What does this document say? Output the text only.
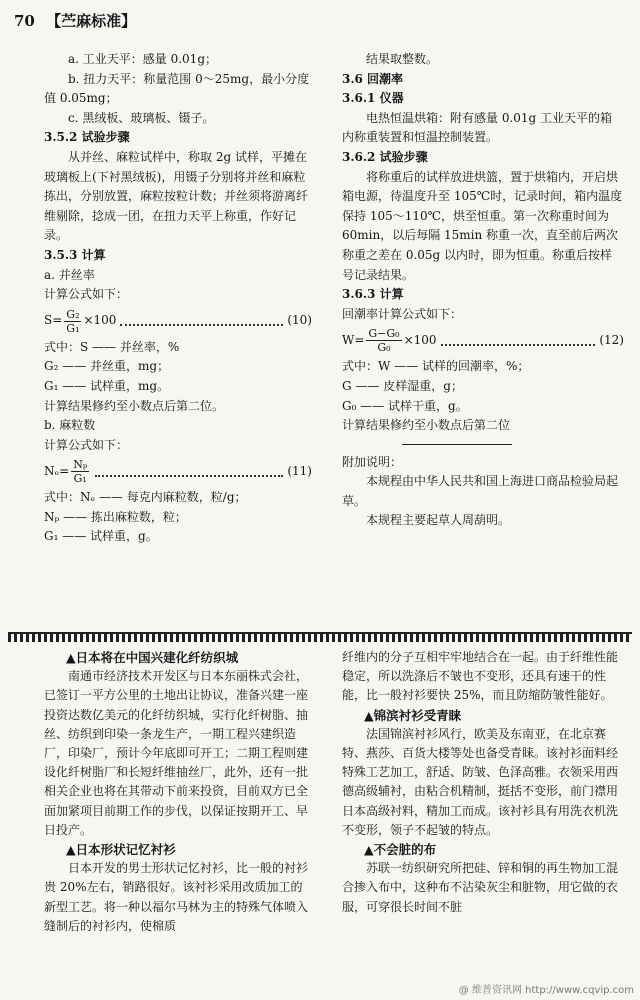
70 【苎麻标准】

a. 工业天平：感量 0.01g；

b. 扭力天平：称量范围 0～25mg，最小分度值 0.05mg；

c. 黑绒板、玻璃板、镊子。

3.5.2 试验步骤

从并丝、麻粒试样中，称取 2g 试样，平摊在玻璃板上(下衬黑绒板)，用镊子分别将并丝和麻粒拣出，分别放置，麻粒按粒计数；并丝须将游离纤维剔除，捻成一团，在扭力天平上称重，作好记录。

3.5.3 计算

a. 并丝率

计算公式如下：

$S= \frac{\text{G₂}}{\text{G₁}} \times 100$	(10)

式中：S —— 并丝率，%

G₂ —— 并丝重，mg；

G₁ —— 试样重，mg。

计算结果修约至小数点后第二位。

b. 麻粒数

计算公式如下：

$N_e= \frac{\text{Nₚ}}{\text{G₁}}$	(11)

式中：Nₑ —— 每克内麻粒数，粒/g；

Nₚ —— 拣出麻粒数，粒；

G₁ —— 试样重，g。

结果取整数。

3.6 回潮率

3.6.1 仪器

电热恒温烘箱：附有感量 0.01g 工业天平的箱内称重装置和恒温控制装置。

3.6.2 试验步骤

将称重后的试样放进烘篮，置于烘箱内，开启烘箱电源，待温度升至 105℃时，记录时间，箱内温度保持 105～110℃，烘至恒重。第一次称重时间为 60min，以后每隔 15min 称重一次，直至前后两次称重之差在 0.05g 以内时，即为恒重。称重后按样号记录结果。

3.6.3 计算

回潮率计算公式如下：

$W= \frac{\text{G−G₀}}{\text{G₀}} \times 100$	(12)

式中：W —— 试样的回潮率，%；

G —— 皮样湿重，g；

G₀ —— 试样干重，g。

计算结果修约至小数点后第二位

附加说明：

本规程由中华人民共和国上海进口商品检验局起草。

本规程主要起草人周葫明。

▲日本将在中国兴建化纤纺织城

南通市经济技术开发区与日本东丽株式会社，已签订一平方公里的土地出让协议，准备兴建一座投资达数亿美元的化纤纺织城，实行化纤树脂、抽丝、纺织到印染一条龙生产，一期工程兴建织造厂，印染厂，预计今年底即可开工；二期工程则建设化纤树脂厂和长短纤维抽丝厂，此外，还有一批相关企业也将在其带动下前来投资，目前双方已全面加紧项目前期工作的步伐，以保证按期开工、早日投产。

▲日本形状记忆衬衫

日本开发的男士形状记忆衬衫，比一般的衬衫贵 20%左右，销路很好。该衬衫采用改质加工的新型工艺。将一种以福尔马林为主的特殊气体喷入缝制后的衬衫内，使棉质

纤维内的分子互相牢牢地结合在一起。由于纤维性能稳定，所以洗涤后不皱也不变形，还具有速干的性能，比一般衬衫要快 25%，而且防缩防皱性能好。

▲锦滨衬衫受青睐

法国锦滨衬衫风行，欧美及东南亚，在北京赛特、燕莎、百货大楼等处也备受青睐。该衬衫面料经特殊工艺加工，舒适、防皱、色泽高雅。衣领采用西德高级辅衬，由粘合机精制，挺括不变形，前门襟用日本高级衬料，精加工而成。该衬衫具有用洗衣机洗不变形，领子不起皱的特点。

▲不会脏的布

苏联一纺织研究所把硅、锌和铜的再生物加工混合掺入布中，这种布不沾染灰尘和脏物，用它做的衣服，可穿很长时间不脏

@ 维普资讯网 http://www.cqvip.com
